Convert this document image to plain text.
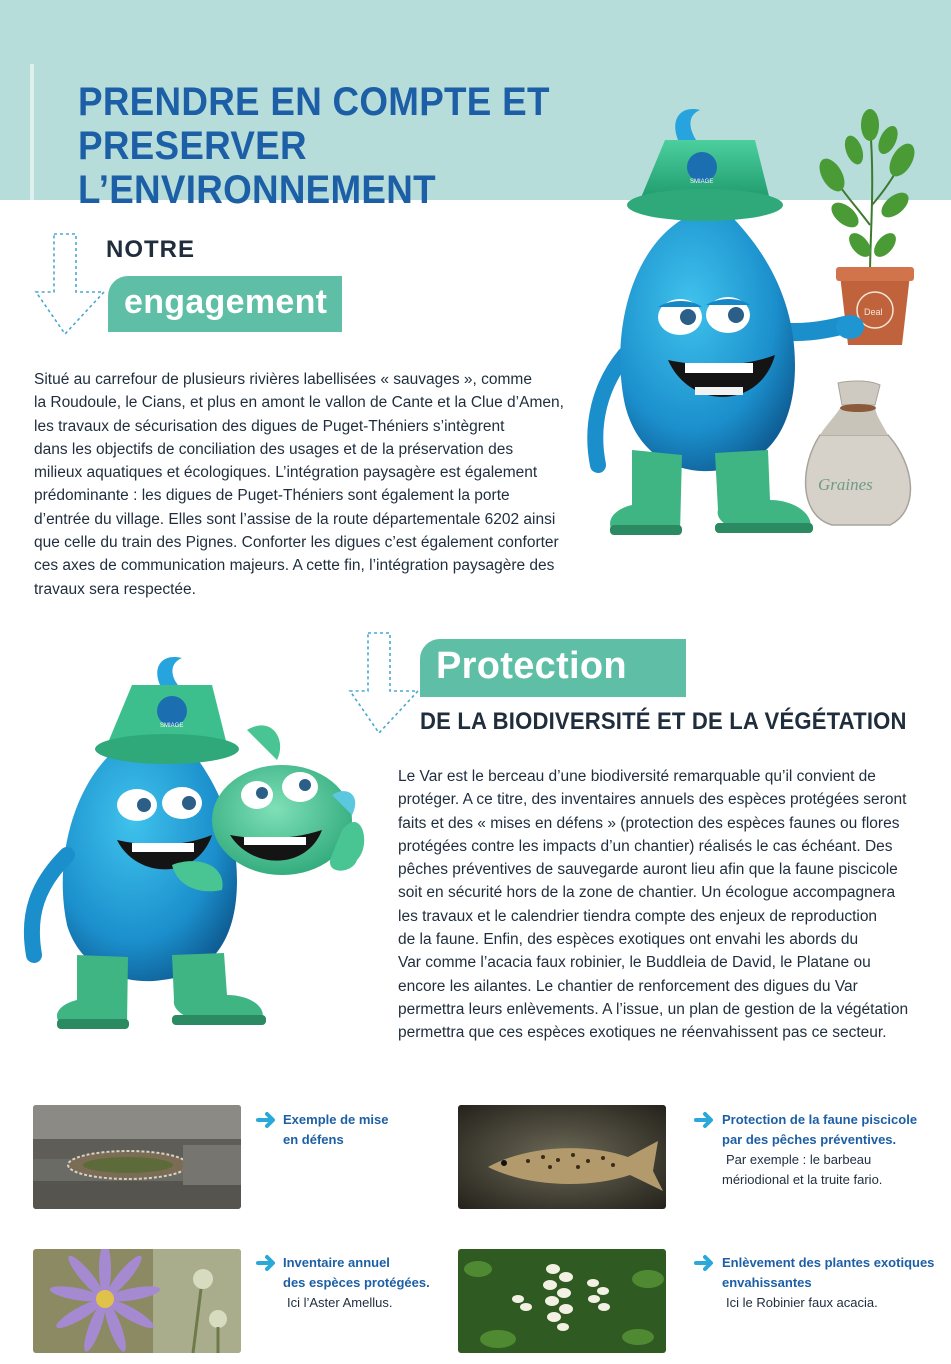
PRENDRE EN COMPTE ET PRESERVER
L’ENVIRONNEMENT
NOTRE
engagement
Situé au carrefour de plusieurs rivières labellisées « sauvages », comme
la Roudoule, le Cians, et plus en amont le vallon de Cante et la Clue d’Amen,
les travaux de sécurisation des digues de Puget-Théniers s’intègrent
dans les objectifs de conciliation des usages et de la préservation des
milieux aquatiques et écologiques. L’intégration paysagère est également
prédominante : les digues de Puget-Théniers sont également la porte
d’entrée du village. Elles sont l’assise de la route départementale 6202 ainsi
que celle du train des Pignes. Conforter les digues c’est également conforter
ces axes de communication majeurs. A cette fin, l’intégration paysagère des
travaux sera respectée.
Graines
Deal
SMIAGE
Protection
DE LA BIODIVERSITÉ ET DE LA VÉGÉTATION
Le Var est le berceau d’une biodiversité remarquable qu’il convient de
protéger. A ce titre, des inventaires annuels des espèces protégées seront
faits et des « mises en défens » (protection des espèces faunes ou flores
protégées contre les impacts d’un chantier) réalisés le cas échéant. Des
pêches préventives de sauvegarde auront lieu afin que la faune piscicole
soit en sécurité hors de la zone de chantier. Un écologue accompagnera
les travaux et le calendrier tiendra compte des enjeux de reproduction
de la faune. Enfin, des espèces exotiques ont envahi les abords du
Var comme l’acacia faux robinier, le Buddleia de David, le Platane ou
encore les ailantes. Le chantier de renforcement des digues du Var
permettra leurs enlèvements. A l’issue, un plan de gestion de la végétation
permettra que ces espèces exotiques ne réenvahissent pas ce secteur.
SMIAGE
Exemple de mise
en défens
Protection de la faune piscicole
par des pêches préventives.
Par exemple : le barbeau
mériodional et la truite fario.
Inventaire annuel
des espèces protégées.
Ici l’Aster Amellus.
Enlèvement des plantes exotiques
envahissantes
Ici le Robinier faux acacia.
